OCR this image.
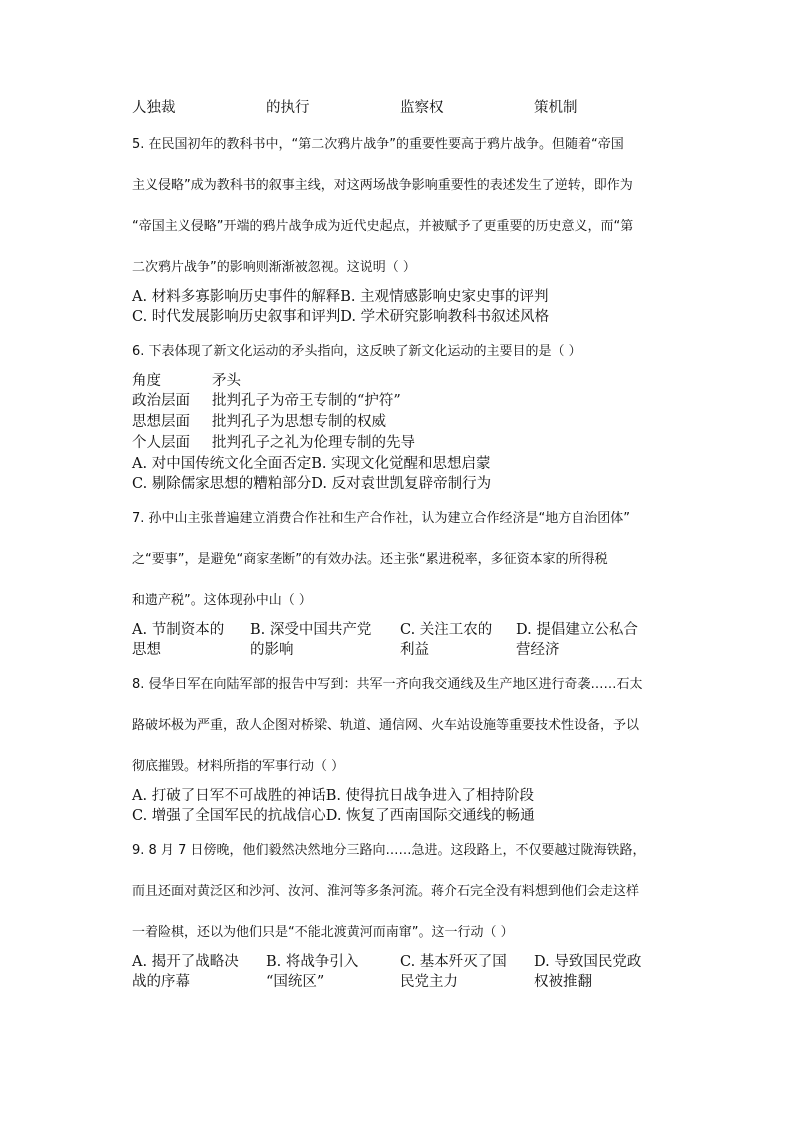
人独裁	的执行	监察权	策机制
5. 在民国初年的教科书中，“第二次鸦片战争”的重要性要高于鸦片战争。但随着“帝国
主义侵略”成为教科书的叙事主线，对这两场战争影响重要性的表述发生了逆转，即作为
“帝国主义侵略”开端的鸦片战争成为近代史起点，并被赋予了更重要的历史意义，而“第
二次鸦片战争”的影响则渐渐被忽视。这说明（ ）
A. 材料多寡影响历史事件的解释B. 主观情感影响史家史事的评判
C. 时代发展影响历史叙事和评判D. 学术研究影响教科书叙述风格
6. 下表体现了新文化运动的矛头指向，这反映了新文化运动的主要目的是（ ）
角度	矛头
政治层面 批判孔子为帝王专制的“护符”
思想层面 批判孔子为思想专制的权威
个人层面 批判孔子之礼为伦理专制的先导
A. 对中国传统文化全面否定B. 实现文化觉醒和思想启蒙
C. 剔除儒家思想的糟粕部分D. 反对袁世凯复辟帝制行为
7. 孙中山主张普遍建立消费合作社和生产合作社，认为建立合作经济是“地方自治团体”
之“要事”，是避免“商家垄断”的有效办法。还主张“累进税率，多征资本家的所得税
和遗产税”。这体现孙中山（ ）
A. 节制资本的
思想
B. 深受中国共产党
的影响
C. 关注工农的
利益
D. 提倡建立公私合
营经济
8. 侵华日军在向陆军部的报告中写到：共军一齐向我交通线及生产地区进行奇袭……石太
路破坏极为严重，敌人企图对桥梁、轨道、通信网、火车站设施等重要技术性设备，予以
彻底摧毁。材料所指的军事行动（ ）
A. 打破了日军不可战胜的神话B. 使得抗日战争进入了相持阶段
C. 增强了全国军民的抗战信心D. 恢复了西南国际交通线的畅通
9. 8 月 7 日傍晚，他们毅然决然地分三路向……急进。这段路上，不仅要越过陇海铁路，
而且还面对黄泛区和沙河、汝河、淮河等多条河流。蒋介石完全没有料想到他们会走这样
一着险棋，还以为他们只是“不能北渡黄河而南窜”。这一行动（ ）
A. 揭开了战略决
战的序幕
B. 将战争引入
“国统区”
C. 基本歼灭了国
民党主力
D. 导致国民党政
权被推翻
